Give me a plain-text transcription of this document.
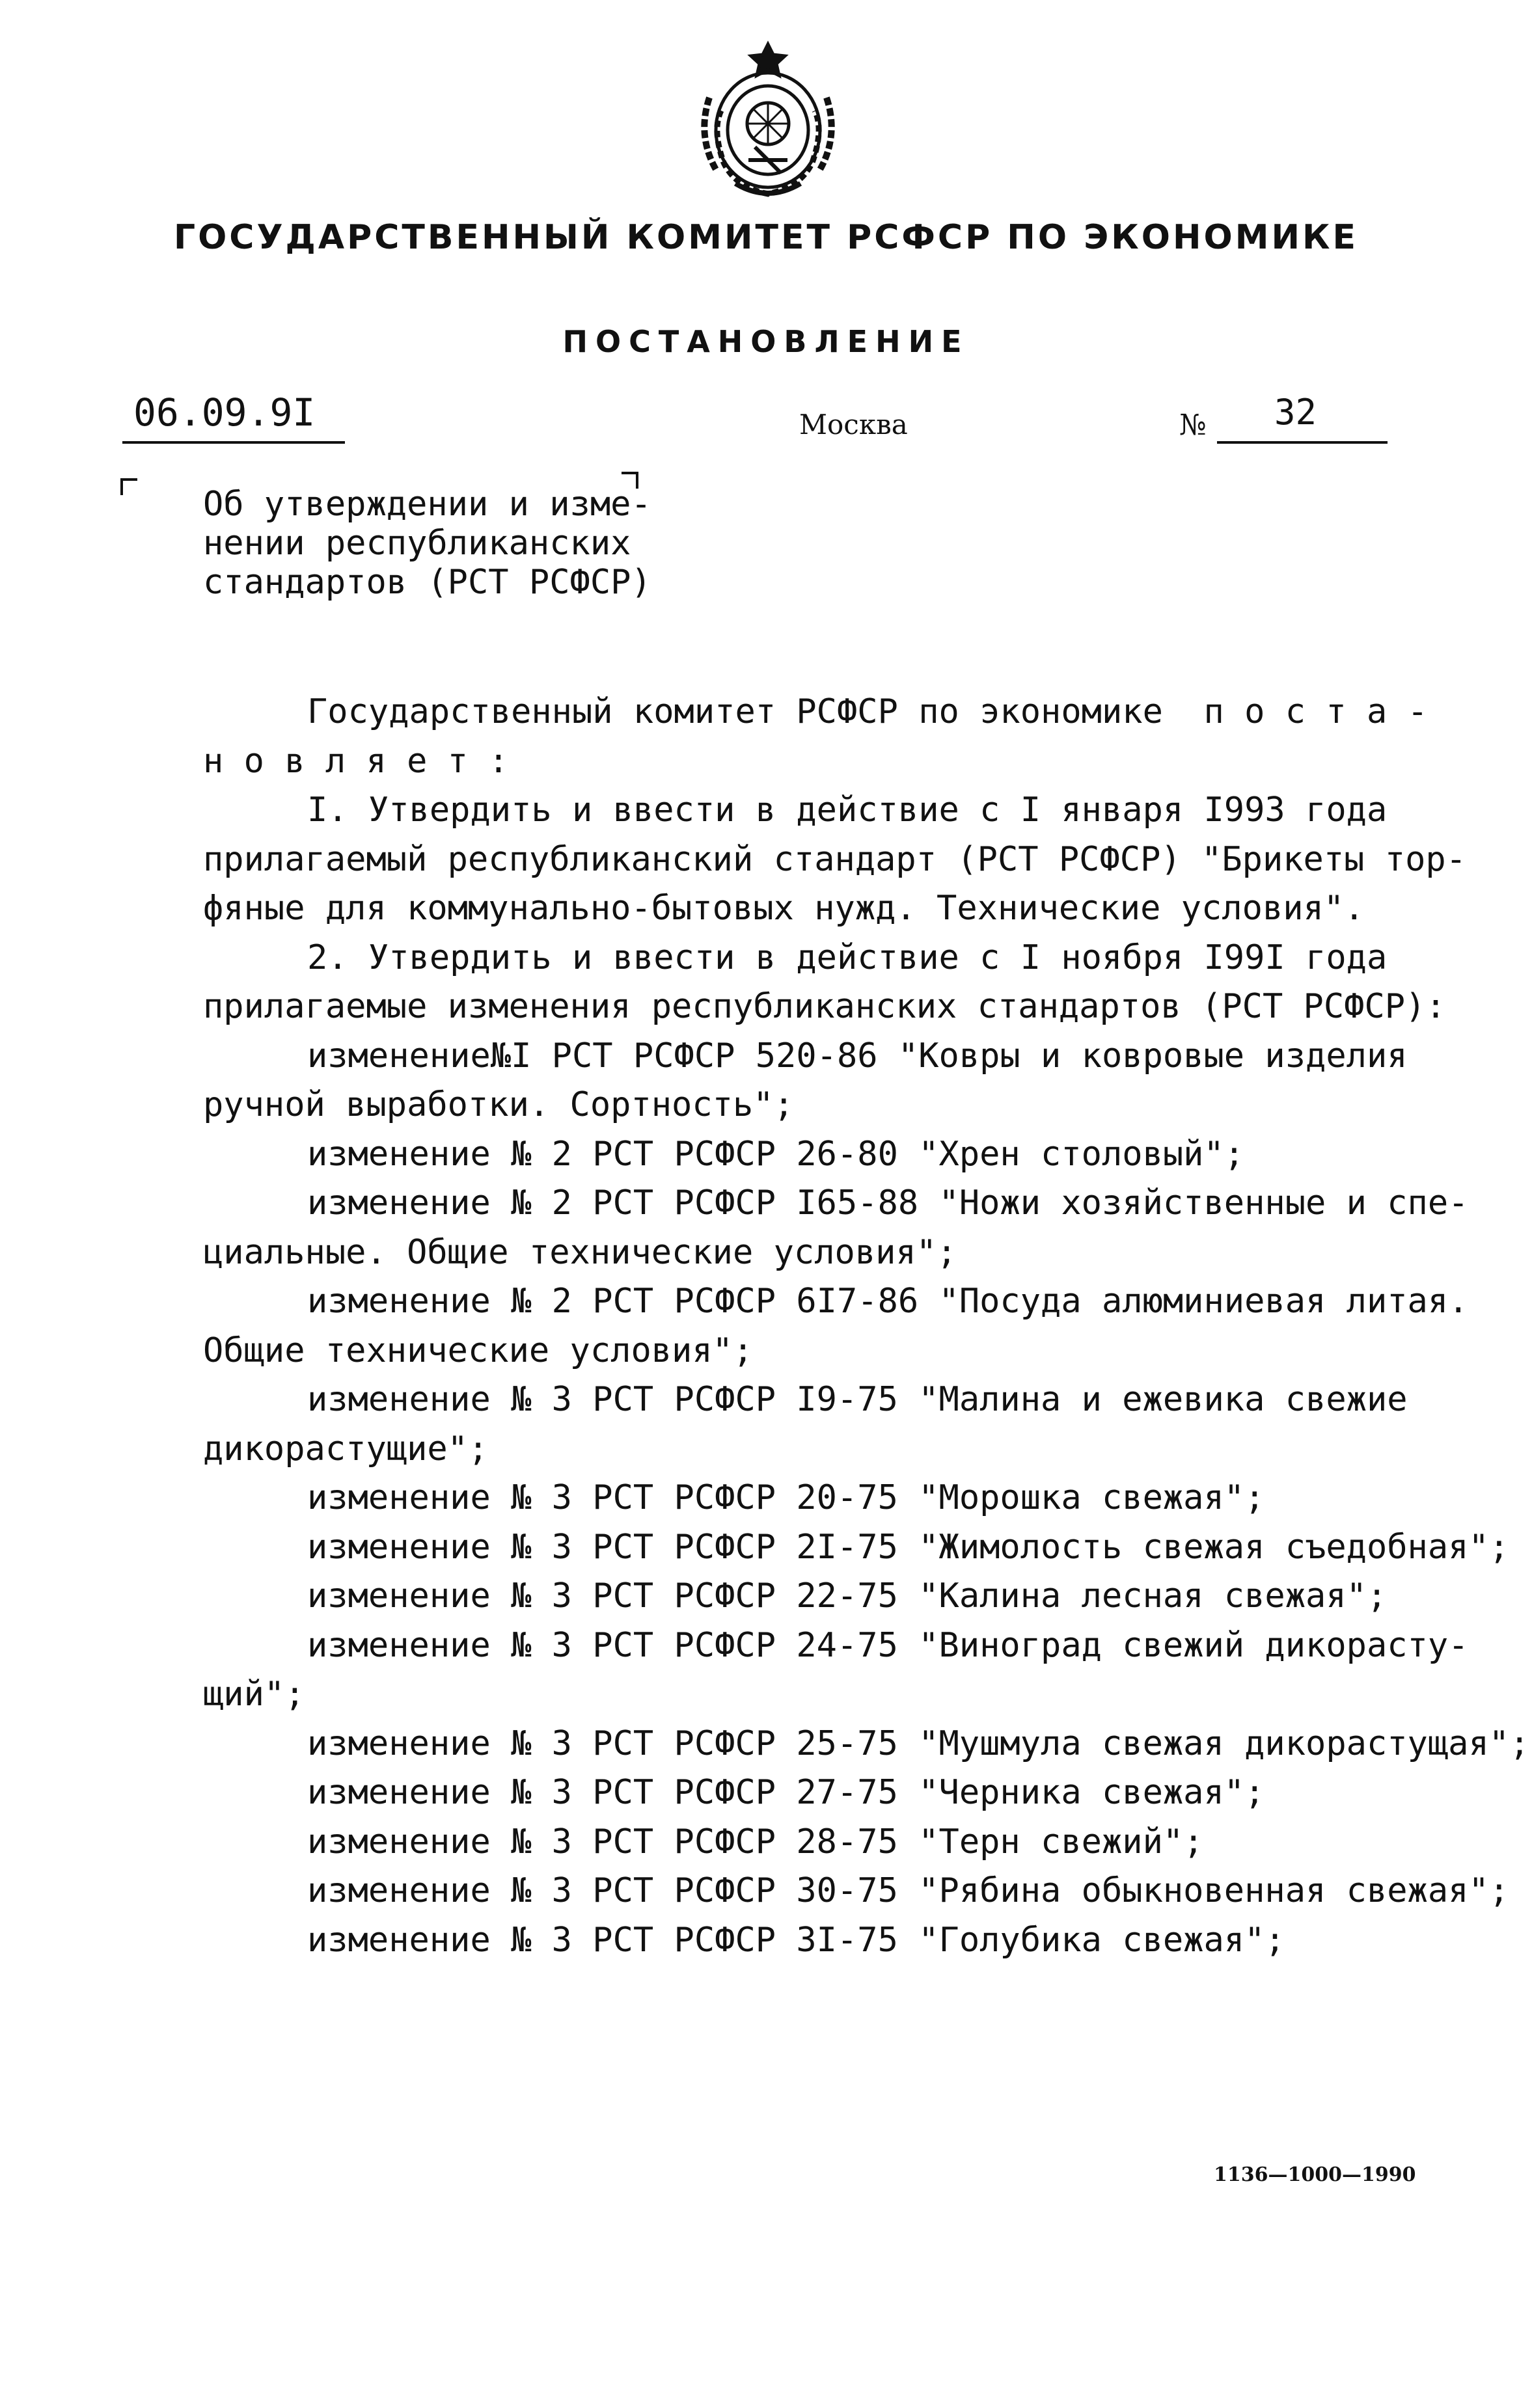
ГОСУДАРСТВЕННЫЙ КОМИТЕТ РСФСР ПО ЭКОНОМИКЕ
ПОСТАНОВЛЕНИЕ
06.09.9I	Москва	№ 32
Об утверждении и изме-
нении республиканских
стандартов (РСТ РСФСР)
Государственный комитет РСФСР по экономике  п о с т а -
н о в л я е т :
I. Утвердить и ввести в действие с I января I993 года
прилагаемый республиканский стандарт (РСТ РСФСР) "Брикеты тор-
фяные для коммунально-бытовых нужд. Технические условия".
2. Утвердить и ввести в действие с I ноября I99I года
прилагаемые изменения республиканских стандартов (РСТ РСФСР):
изменение№I РСТ РСФСР 520-86 "Ковры и ковровые изделия
ручной выработки. Сортность";
изменение № 2 РСТ РСФСР 26-80 "Хрен столовый";
изменение № 2 РСТ РСФСР I65-88 "Ножи хозяйственные и спе-
циальные. Общие технические условия";
изменение № 2 РСТ РСФСР 6I7-86 "Посуда алюминиевая литая.
Общие технические условия";
изменение № 3 РСТ РСФСР I9-75 "Малина и ежевика свежие
дикорастущие";
изменение № 3 РСТ РСФСР 20-75 "Морошка свежая";
изменение № 3 РСТ РСФСР 2I-75 "Жимолость свежая съедобная";
изменение № 3 РСТ РСФСР 22-75 "Калина лесная свежая";
изменение № 3 РСТ РСФСР 24-75 "Виноград свежий дикорасту-
щий";
изменение № 3 РСТ РСФСР 25-75 "Мушмула свежая дикорастущая";
изменение № 3 РСТ РСФСР 27-75 "Черника свежая";
изменение № 3 РСТ РСФСР 28-75 "Терн свежий";
изменение № 3 РСТ РСФСР 30-75 "Рябина обыкновенная свежая";
изменение № 3 РСТ РСФСР 3I-75 "Голубика свежая";
1136—1000—1990
